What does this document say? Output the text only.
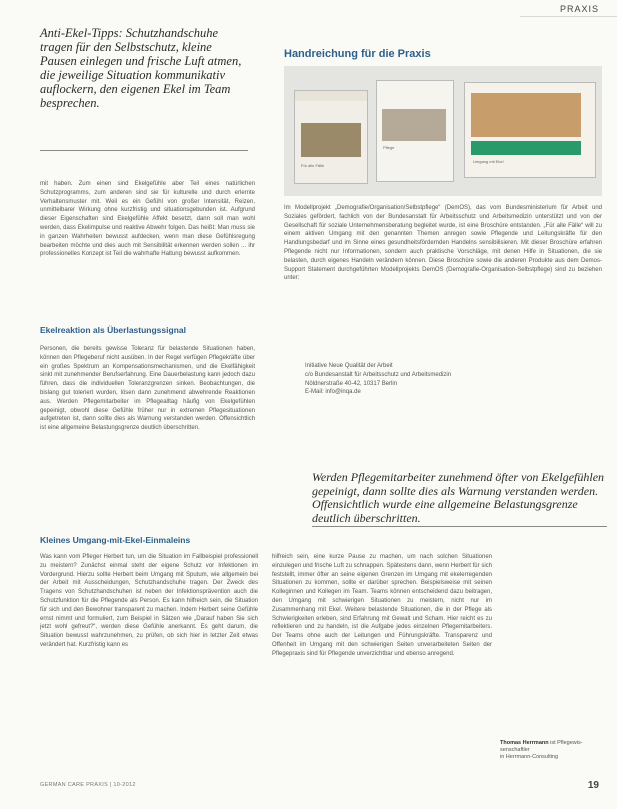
PRAXIS
Anti-Ekel-Tipps: Schutzhandschuhe tragen für den Selbstschutz, kleine Pausen einlegen und frische Luft atmen, die jeweilige Situation kommunikativ auflockern, den eigenen Ekel im Team besprechen.

mit haben. Zum einen sind Ekelgefühle aber Teil eines natürlichen Schutzprogramms, zum anderen sind sie für kulturelle und durch erlernte Verhaltensmuster mit. Weil es ein Gefühl von großer Intensität, Reizen, unmittelbarer Wirkung ohne kurzfristig und situationsgebunden ist. Aufgrund dieser Eigenschaften sind Ekelgefühle Affekt besetzt, dann soll man wohl werden, dass Ekelimpulse und reaktive Abwehr folgen. Das heißt: Man muss sie in ganzen Wahrheiten bewusst aufdecken, wenn man diese Gefühlsregung bearbeiten möchte und dies auch mit Sensibilität erkennen werden sollen ... ihr professionelles Konzept ist Teil die wahrhafte Haltung bewusst aufkommen.

Ekelreaktion als Überlastungssignal

Personen, die bereits gewisse Toleranz für belastende Situationen haben, können den Pflegeberuf nicht ausüben. In der Regel verfügen Pflegekräfte über ein großes Spektrum an Kompensationsmechanismen, und die Ekelfähigkeit sinkt mit zunehmender Berufserfahrung. Eine Dauerbelastung kann jedoch dazu führen, dass die individuellen Toleranzgrenzen sinken. Beobachtungen, die bislang gut toleriert wurden, lösen dann zunehmend abwehrende Reaktionen aus. Werden Pflegemitarbeiter im Pflegealltag häufig von Ekelgefühlen gepeinigt, obwohl diese Gefühle früher nur in extremen Pflegesituationen aufgetreten ist, dann sollte dies als Warnung verstanden werden. Offensichtlich ist eine allgemeine Belastungsgrenze deutlich überschritten.

Handreichung für die Praxis
Für alle Fälle
Pflege
Umgang mit Ekel

Im Modellprojekt „Demografie/Organisation/Selbstpflege“ (DemOS), das vom Bundesministerium für Arbeit und Soziales gefördert, fachlich von der Bundesanstalt für Arbeitsschutz und Arbeitsmedizin unterstützt und von der Gesellschaft für soziale Unternehmensberatung begleitet wurde, ist eine Broschüre entstanden. „Für alle Fälle“ will zu einem aktiven Umgang mit den genannten Themen anregen sowie Pflegende und Leitungskräfte für den Handlungsbedarf und im Sinne eines gesundheitsfördernden Handelns sensibilisieren. Mit dieser Broschüre erfahren Pflegende nicht nur Informationen, sondern auch praktische Vorschläge, mit denen Hilfe in Situationen, die sie belasten, durch eigenes Handeln verändern können. Diese Broschüre sowie die anderen Produkte aus dem Demos-Support Statement durchgeführten Modellprojekts DemOS (Demografie-Organisation-Selbstpflege) sind zu beziehen unter:

Initiative Neue Qualität der Arbeit
c/o Bundesanstalt für Arbeitsschutz und Arbeitsmedizin
Nöldnerstraße 40-42, 10317 Berlin
E-Mail: info@inqa.de
Werden Pflegemitarbeiter zunehmend öfter von Ekelgefühlen gepeinigt, dann sollte dies als Warnung verstanden werden. Offensichtlich wurde eine allgemeine Belastungsgrenze deutlich überschritten.
Kleines Umgang-mit-Ekel-Einmaleins

Was kann vom Pfleger Herbert tun, um die Situation im Fallbeispiel professionell zu meistern? Zunächst einmal steht der eigene Schutz vor Infektionen im Vordergrund. Hierzu sollte Herbert beim Umgang mit Sputum, wie allgemein bei der Arbeit mit Ausscheidungen, Schutzhandschuhe tragen. Der Zweck des Tragens von Schutzhandschuhen ist neben der Infektionsprävention auch die Schutzfunktion für die Pflegende als Person. Es kann hilfreich sein, die Situation für sich und den Bewohner transparent zu machen. Indem Herbert seine Gefühle ernst nimmt und formuliert, zum Beispiel in Sätzen wie „Darauf haben Sie sich jetzt wohl gefreut?“, werden diese Gefühle anerkannt. Es geht darum, die Situation bewusst wahrzunehmen, zu prüfen, ob sich hier in letzter Zeit etwas verändert hat. Kurzfristig kann es

hilfreich sein, eine kurze Pause zu machen, um nach solchen Situationen einzulegen und frische Luft zu schnappen. Spätestens dann, wenn Herbert für sich feststellt, immer öfter an seine eigenen Grenzen im Umgang mit ekelerregenden Situationen zu kommen, sollte er darüber sprechen. Beispielsweise mit seinen Kolleginnen und Kollegen im Team. Teams können entscheidend dazu beitragen, den Umgang mit schwierigen Situationen zu meistern, nicht nur im Zusammenhang mit Ekel. Weitere belastende Situationen, die in der Pflege als Schwierigkeiten erleben, sind Erfahrung mit Gewalt und Scham. Hier reicht es zu reflektieren und zu handeln, ist die Aufgabe jedes einzelnen Pflegemitarbeiters. Der Teams ohne auch der Leitungen und Führungskräfte. Transparenz und Offenheit im Umgang mit den schwierigen Seiten unverarbeiteten Seiten der Pflegepraxis sind für Pflegende unverzichtbar und ebenso anregend.

Thomas Herrmann ist Pflegewis-
senschaftler
in Herrmann-Consulting
GERMAN CARE PRAXIS | 10-2012	19
